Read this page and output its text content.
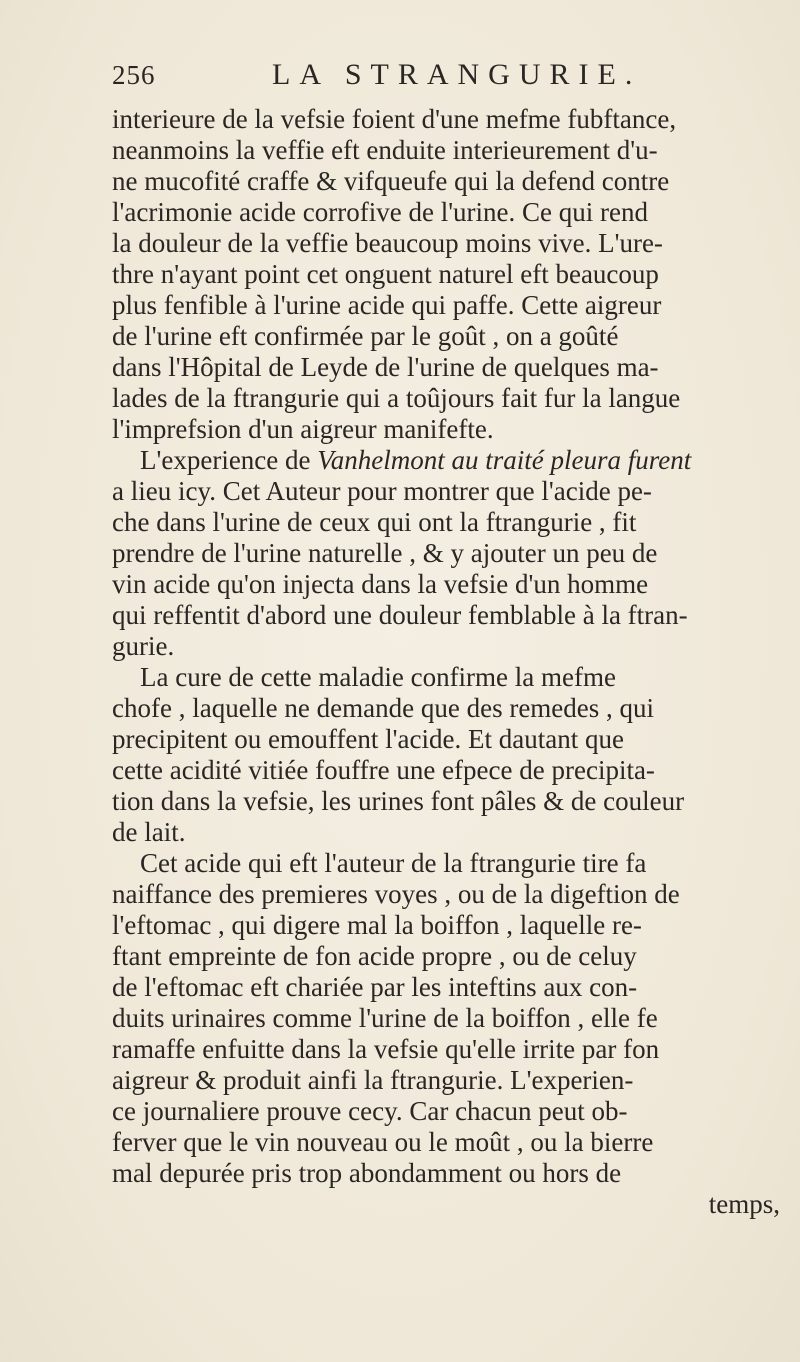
256	LA STRANGURIE.
interieure de la vefsie foient d'une mefme fubftance,
neanmoins la veffie eft enduite interieurement d'u-
ne mucofité craffe & vifqueufe qui la defend contre
l'acrimonie acide corrofive de l'urine. Ce qui rend
la douleur de la veffie beaucoup moins vive. L'ure-
thre n'ayant point cet onguent naturel eft beaucoup
plus fenfible à l'urine acide qui paffe. Cette aigreur
de l'urine eft confirmée par le goût , on a goûté
dans l'Hôpital de Leyde de l'urine de quelques ma-
lades de la ftrangurie qui a toûjours fait fur la langue
l'imprefsion d'un aigreur manifefte.
L'experience de Vanhelmont au traité pleura furent
a lieu icy. Cet Auteur pour montrer que l'acide pe-
che dans l'urine de ceux qui ont la ftrangurie , fit
prendre de l'urine naturelle , & y ajouter un peu de
vin acide qu'on injecta dans la vefsie d'un homme
qui reffentit d'abord une douleur femblable à la ftran-
gurie.
La cure de cette maladie confirme la mefme
chofe , laquelle ne demande que des remedes , qui
precipitent ou emouffent l'acide. Et dautant que
cette acidité vitiée fouffre une efpece de precipita-
tion dans la vefsie, les urines font pâles & de couleur
de lait.
Cet acide qui eft l'auteur de la ftrangurie tire fa
naiffance des premieres voyes , ou de la digeftion de
l'eftomac , qui digere mal la boiffon , laquelle re-
ftant empreinte de fon acide propre , ou de celuy
de l'eftomac eft chariée par les inteftins aux con-
duits urinaires comme l'urine de la boiffon , elle fe
ramaffe enfuitte dans la vefsie qu'elle irrite par fon
aigreur & produit ainfi la ftrangurie. L'experien-
ce journaliere prouve cecy. Car chacun peut ob-
ferver que le vin nouveau ou le moût , ou la bierre
mal depurée pris trop abondamment ou hors de
temps,
